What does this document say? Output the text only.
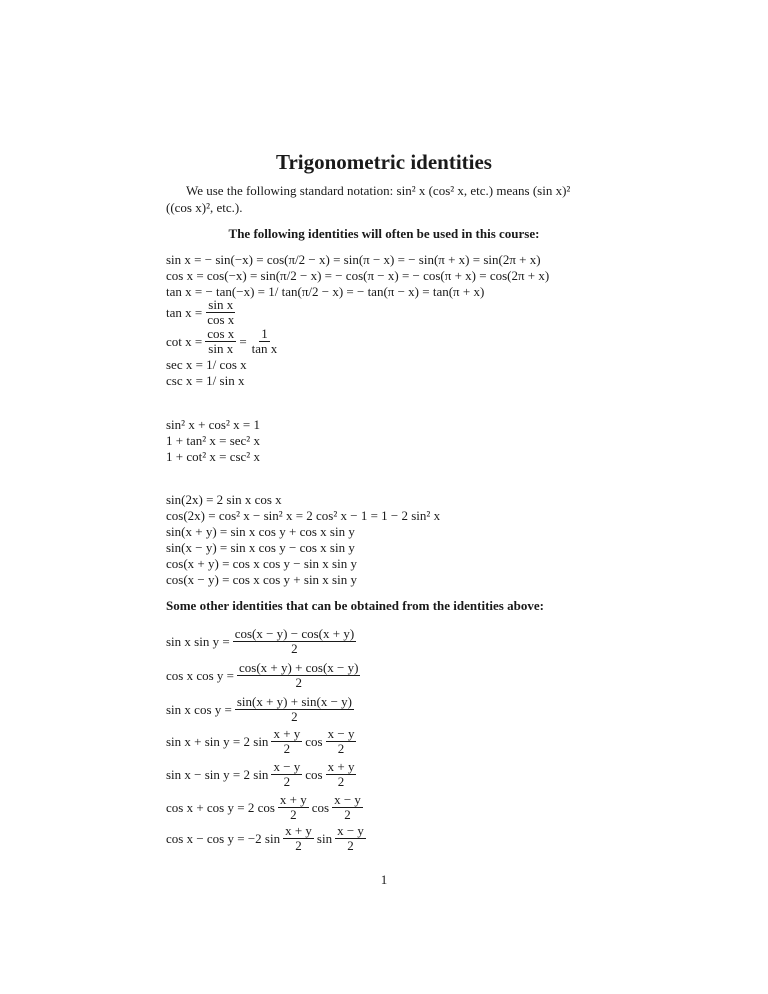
Trigonometric identities
We use the following standard notation: sin² x (cos² x, etc.) means (sin x)²
((cos x)², etc.).
The following identities will often be used in this course:
sin x = − sin(−x) = cos(π/2 − x) = sin(π − x) = − sin(π + x) = sin(2π + x)
cos x = cos(−x) = sin(π/2 − x) = − cos(π − x) = − cos(π + x) = cos(2π + x)
tan x = − tan(−x) = 1/ tan(π/2 − x) = − tan(π − x) = tan(π + x)
$\tan x = \frac{\text{sin x}}{\text{cos x}}$
$\cot x = \frac{\text{cos x}}{\text{sin x}} = \frac{1}{\text{tan x}}$
sec x = 1/ cos x
csc x = 1/ sin x
sin² x + cos² x = 1
1 + tan² x = sec² x
1 + cot² x = csc² x
sin(2x) = 2 sin x cos x
cos(2x) = cos² x − sin² x = 2 cos² x − 1 = 1 − 2 sin² x
sin(x + y) = sin x cos y + cos x sin y
sin(x − y) = sin x cos y − cos x sin y
cos(x + y) = cos x cos y − sin x sin y
cos(x − y) = cos x cos y + sin x sin y
Some other identities that can be obtained from the identities above:
sin x $\sin y = \frac{\cos(x - y) - \cos(x + y)}{2}$
cos x $\cos y = \frac{\cos(x + y) + \cos(x - y)}{2}$
sin x $\cos y = \frac{\sin(x + y) + \sin(x - y)}{2}$
sin x + sin y = 2 $\sin \frac{x + y}{2}$ $\cos \frac{x - y}{2}$
sin x − sin y = 2 $\sin \frac{x - y}{2}$ $\cos \frac{x + y}{2}$
cos x + cos y = 2 $\cos \frac{x + y}{2}$ $\cos \frac{x - y}{2}$
cos x − cos y = −2 $\sin \frac{x + y}{2}$ $\sin \frac{x - y}{2}$
1
